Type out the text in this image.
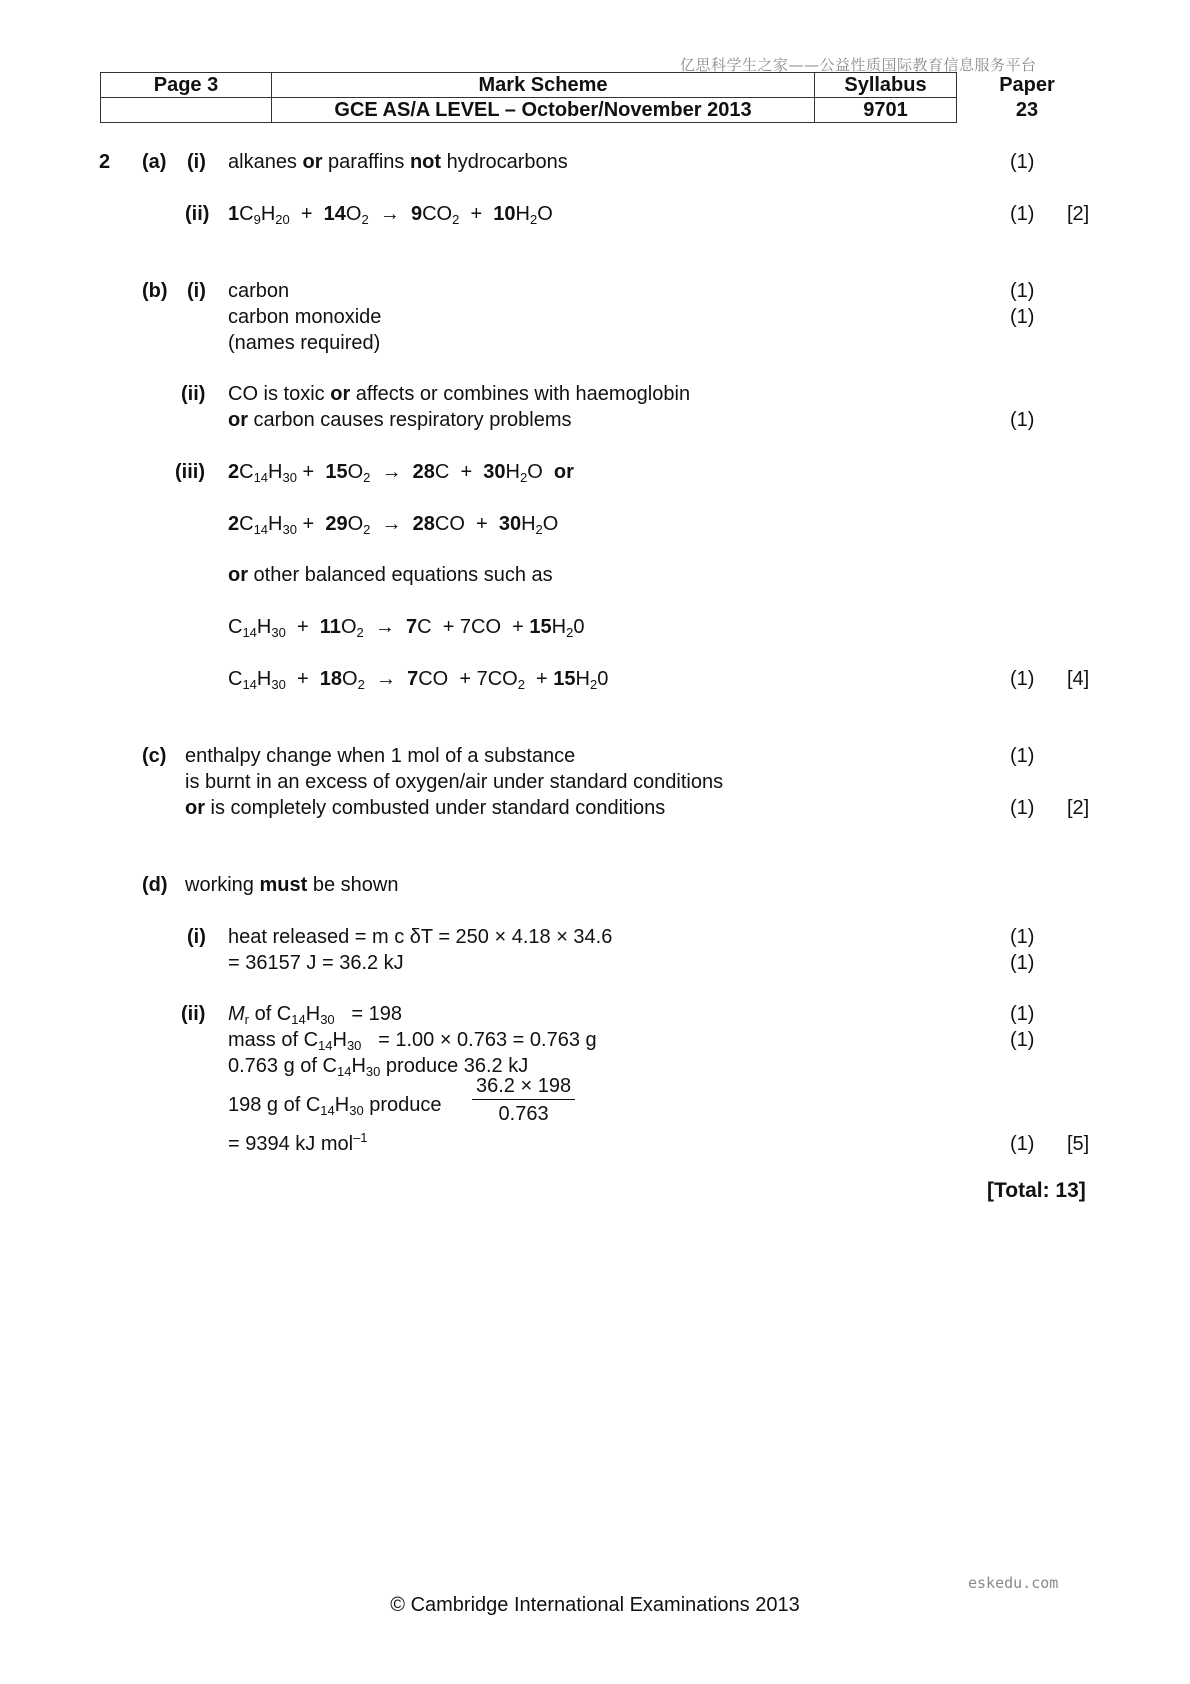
亿思科学生之家——公益性质国际教育信息服务平台
Page 3	Mark Scheme	Syllabus	Paper
	GCE AS/A LEVEL – October/November 2013	9701	23
2 (a) (i) alkanes or paraffins not hydrocarbons	(1)
(ii) $1C_9H_{20} + 14O_2 \to 9CO_2 + 10H_2O$	(1) [2]
(b) (i) carbon	(1)
carbon monoxide	(1)
(names required)
(ii) CO is toxic or affects or combines with haemoglobin
or carbon causes respiratory problems	(1)
(iii) $2C_{14}H_{30} + 15O_2 \to 28C + 30H_2O$ or
$2C_{14}H_{30} + 29O_2 \to 28CO + 30H_2O$
or other balanced equations such as
$C_{14}H_{30} + 11O_2 \to 7C + 7CO + 15H_20$
$C_{14}H_{30} + 18O_2 \to 7CO + 7CO_2 + 15H_20$	(1) [4]
(c) enthalpy change when 1 mol of a substance	(1)
is burnt in an excess of oxygen/air under standard conditions
or is completely combusted under standard conditions	(1) [2]
(d) working must be shown
(i) heat released = m c δT = 250 × 4.18 × 34.6	(1)
= 36157 J = 36.2 kJ	(1)
(ii) $M_r$ of $C_{14}H_{30} = 198$	(1)
mass of $C_{14}H_{30} = 1.00 \times 0.763 = 0.763$ g	(1)
0.763 g of $C_{14}H_{30}$ produce 36.2 kJ
198 g of $C_{14}H_{30}$ produce $\frac{36.2 \times 198}{0.763}$
= 9394 kJ mol$^{-1}$	(1) [5]
[Total: 13]
eskedu.com
© Cambridge International Examinations 2013
